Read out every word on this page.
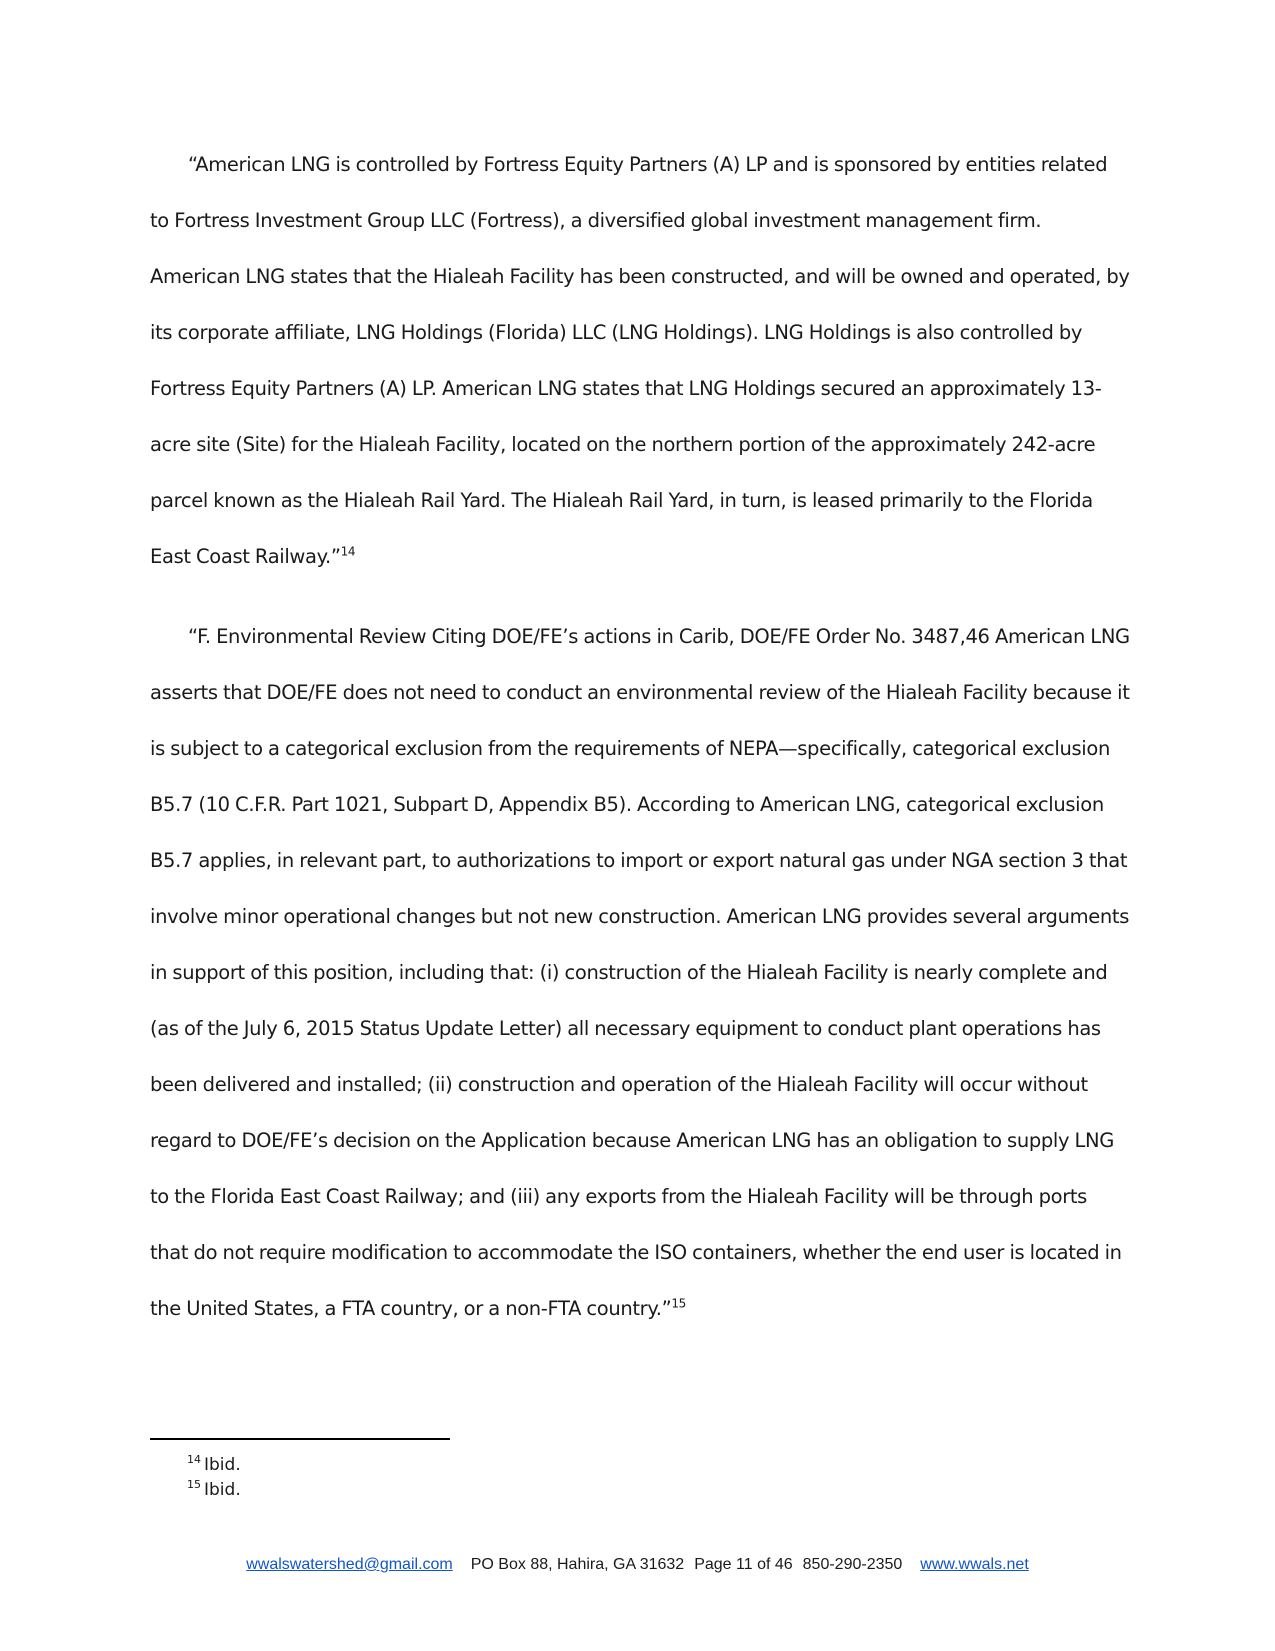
“American LNG is controlled by Fortress Equity Partners (A) LP and is sponsored by entities related to Fortress Investment Group LLC (Fortress), a diversified global investment management firm. American LNG states that the Hialeah Facility has been constructed, and will be owned and operated, by its corporate affiliate, LNG Holdings (Florida) LLC (LNG Holdings). LNG Holdings is also controlled by Fortress Equity Partners (A) LP. American LNG states that LNG Holdings secured an approximately 13-acre site (Site) for the Hialeah Facility, located on the northern portion of the approximately 242-acre parcel known as the Hialeah Rail Yard. The Hialeah Rail Yard, in turn, is leased primarily to the Florida East Coast Railway.”$^{14}$
“F. Environmental Review Citing DOE/FE’s actions in Carib, DOE/FE Order No. 3487,46 American LNG asserts that DOE/FE does not need to conduct an environmental review of the Hialeah Facility because it is subject to a categorical exclusion from the requirements of NEPA—specifically, categorical exclusion B5.7 (10 C.F.R. Part 1021, Subpart D, Appendix B5). According to American LNG, categorical exclusion B5.7 applies, in relevant part, to authorizations to import or export natural gas under NGA section 3 that involve minor operational changes but not new construction. American LNG provides several arguments in support of this position, including that: (i) construction of the Hialeah Facility is nearly complete and (as of the July 6, 2015 Status Update Letter) all necessary equipment to conduct plant operations has been delivered and installed; (ii) construction and operation of the Hialeah Facility will occur without regard to DOE/FE’s decision on the Application because American LNG has an obligation to supply LNG to the Florida East Coast Railway; and (iii) any exports from the Hialeah Facility will be through ports that do not require modification to accommodate the ISO containers, whether the end user is located in the United States, a FTA country, or a non-FTA country.”$^{15}$
$^{14}$ Ibid.
$^{15}$ Ibid.
wwalswatershed@gmail.com PO Box 88, Hahira, GA 31632 Page 11 of 46 850-290-2350 www.wwals.net
